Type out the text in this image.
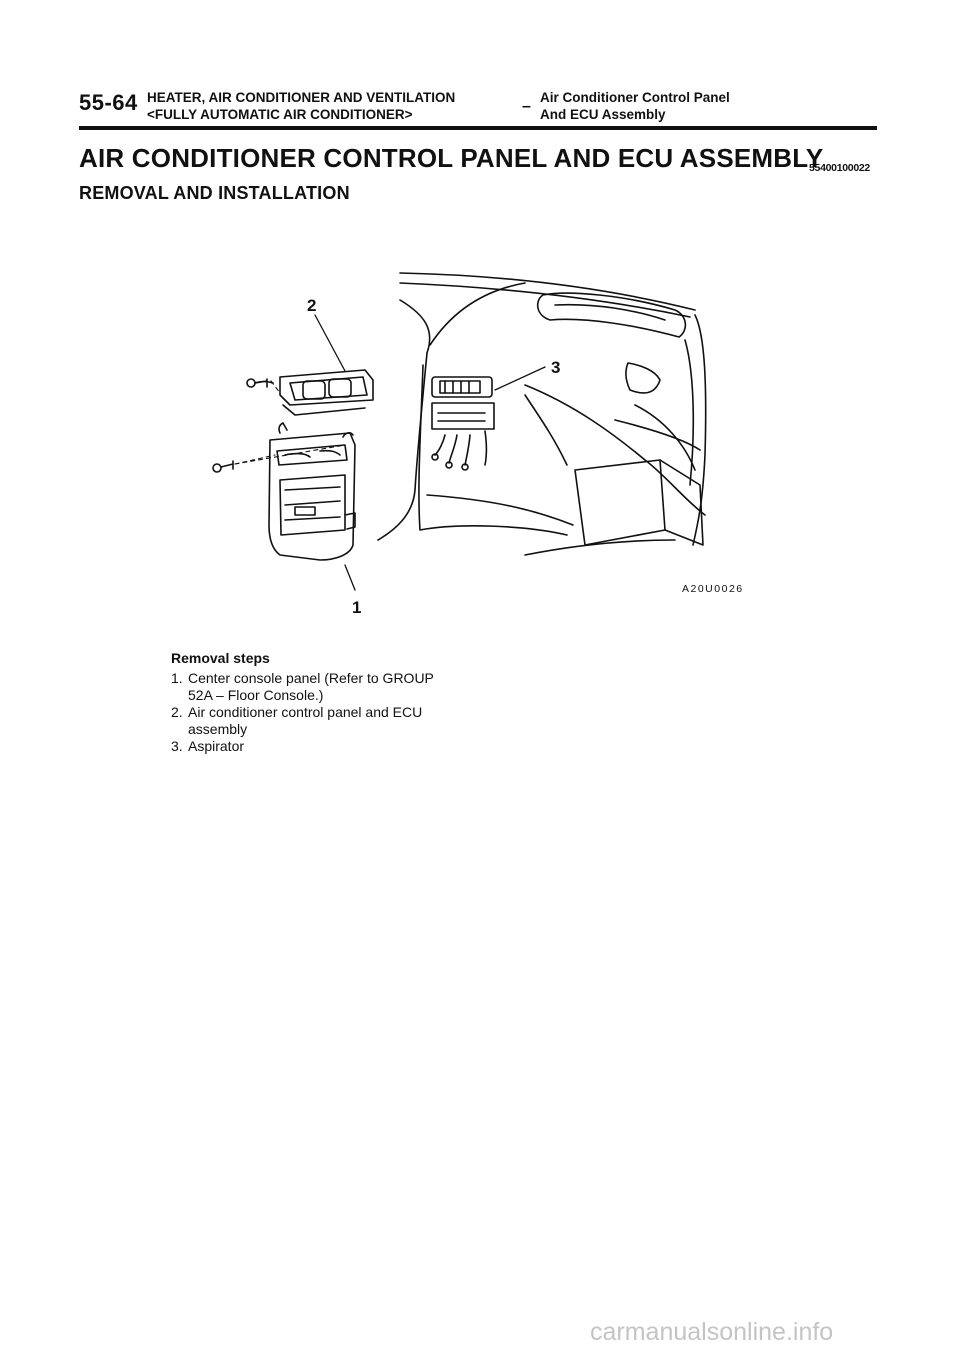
55-64 HEATER, AIR CONDITIONER AND VENTILATION
<FULLY AUTOMATIC AIR CONDITIONER>	–
Air Conditioner Control Panel
And ECU Assembly
AIR CONDITIONER CONTROL PANEL AND ECU ASSEMBLY
55400100022
REMOVAL AND INSTALLATION
2
3
1
A20U0026
Removal steps
1. Center console panel (Refer to GROUP 52A – Floor Console.)
2. Air conditioner control panel and ECU assembly
3. Aspirator
carmanualsonline.info
